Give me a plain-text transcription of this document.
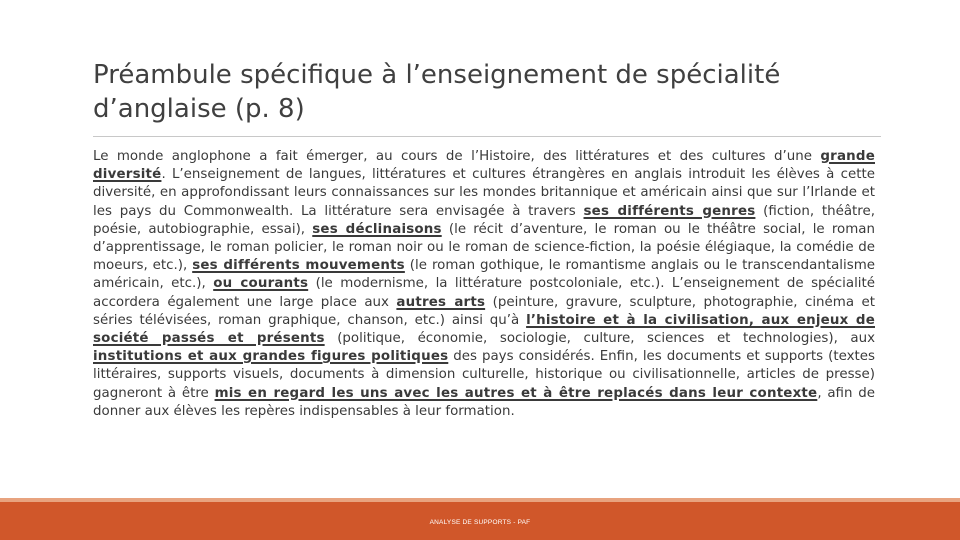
Préambule spécifique à l’enseignement de spécialité d’anglaise (p. 8)

Le monde anglophone a fait émerger, au cours de l’Histoire, des littératures et des cultures d’une grande diversité. L’enseignement de langues, littératures et cultures étrangères en anglais introduit les élèves à cette diversité, en approfondissant leurs connaissances sur les mondes britannique et américain ainsi que sur l’Irlande et les pays du Commonwealth. La littérature sera envisagée à travers ses différents genres (fiction, théâtre, poésie, autobiographie, essai), ses déclinaisons (le récit d’aventure, le roman ou le théâtre social, le roman d’apprentissage, le roman policier, le roman noir ou le roman de science-fiction, la poésie élégiaque, la comédie de moeurs, etc.), ses différents mouvements (le roman gothique, le romantisme anglais ou le transcendantalisme américain, etc.), ou courants (le modernisme, la littérature postcoloniale, etc.). L’enseignement de spécialité accordera également une large place aux autres arts (peinture, gravure, sculpture, photographie, cinéma et séries télévisées, roman graphique, chanson, etc.) ainsi qu’à l’histoire et à la civilisation, aux enjeux de société passés et présents (politique, économie, sociologie, culture, sciences et technologies), aux institutions et aux grandes figures politiques des pays considérés. Enfin, les documents et supports (textes littéraires, supports visuels, documents à dimension culturelle, historique ou civilisationnelle, articles de presse) gagneront à être mis en regard les uns avec les autres et à être replacés dans leur contexte, afin de donner aux élèves les repères indispensables à leur formation.

ANALYSE DE SUPPORTS - PAF
